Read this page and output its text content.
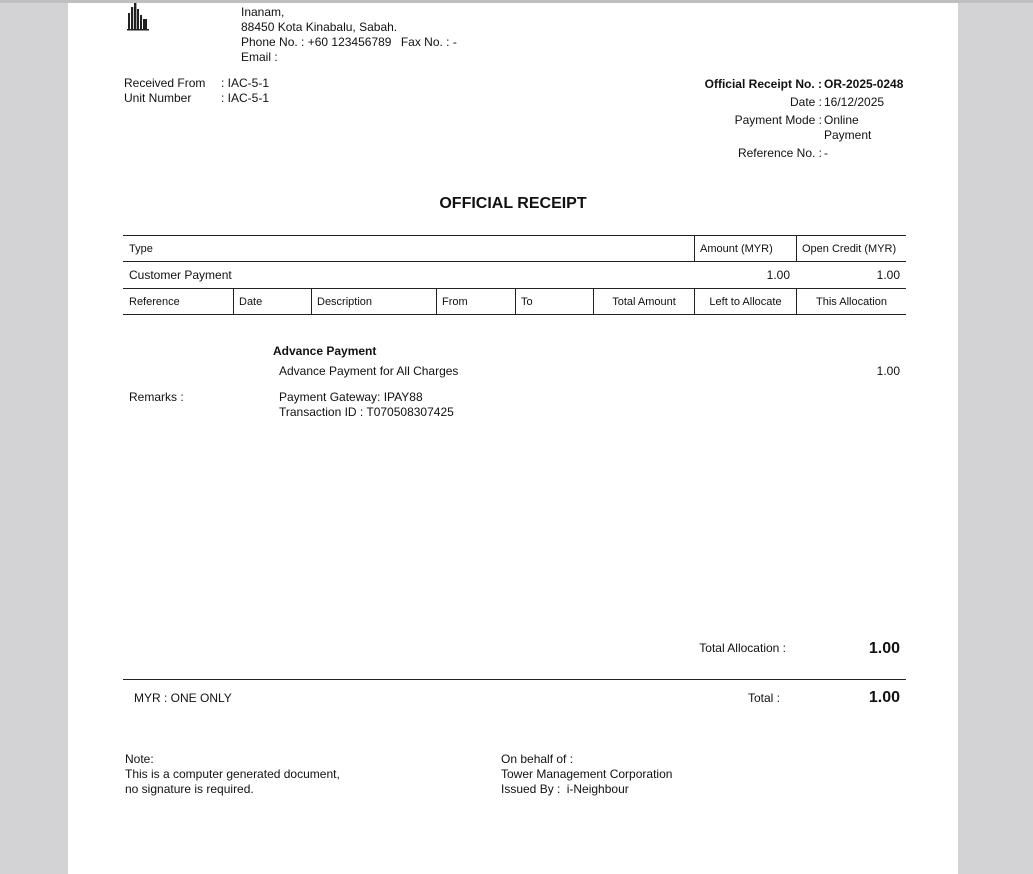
Inanam,
88450 Kota Kinabalu, Sabah.
Phone No. : +60 123456789 Fax No. : -
Email :
Received From : IAC-5-1
Unit Number : IAC-5-1
Official Receipt No. : OR-2025-0248
Date : 16/12/2025
Payment Mode : Online
Payment
Reference No. : -
OFFICIAL RECEIPT
Type	Amount (MYR)	Open Credit (MYR)
Customer Payment	1.00	1.00
Reference	Date	Description	From	To	Total Amount	Left to Allocate	This Allocation
Advance Payment
Advance Payment for All Charges	1.00
Remarks :	Payment Gateway: IPAY88
Transaction ID : T070508307425
Total Allocation :	1.00
MYR : ONE ONLY	Total :	1.00
Note:
This is a computer generated document,
no signature is required.
On behalf of :
Tower Management Corporation
Issued By : i-Neighbour
